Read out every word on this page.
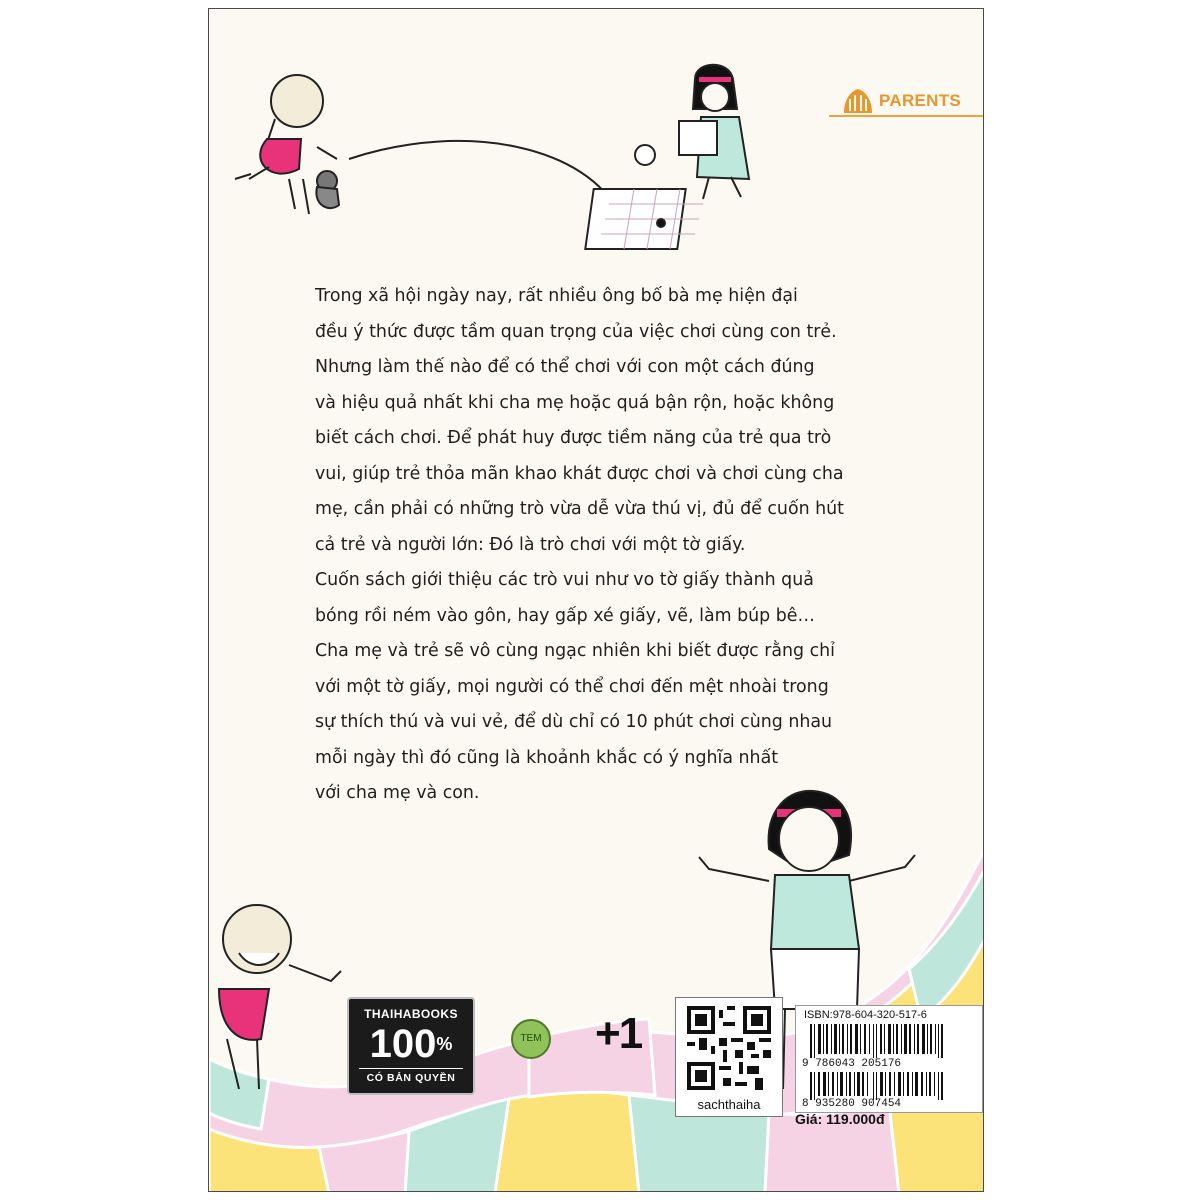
PARENTS
Trong xã hội ngày nay, rất nhiều ông bố bà mẹ hiện đại
đều ý thức được tầm quan trọng của việc chơi cùng con trẻ.
Nhưng làm thế nào để có thể chơi với con một cách đúng
và hiệu quả nhất khi cha mẹ hoặc quá bận rộn, hoặc không
biết cách chơi. Để phát huy được tiềm năng của trẻ qua trò
vui, giúp trẻ thỏa mãn khao khát được chơi và chơi cùng cha
mẹ, cần phải có những trò vừa dễ vừa thú vị, đủ để cuốn hút
cả trẻ và người lớn: Đó là trò chơi với một tờ giấy.
Cuốn sách giới thiệu các trò vui như vo tờ giấy thành quả
bóng rồi ném vào gôn, hay gấp xé giấy, vẽ, làm búp bê…
Cha mẹ và trẻ sẽ vô cùng ngạc nhiên khi biết được rằng chỉ
với một tờ giấy, mọi người có thể chơi đến mệt nhoài trong
sự thích thú và vui vẻ, để dù chỉ có 10 phút chơi cùng nhau
mỗi ngày thì đó cũng là khoảnh khắc có ý nghĩa nhất
với cha mẹ và con.
THAIHABOOKS
100%
CÓ BẢN QUYỀN
TEM +1
sachthaiha
ISBN:978-604-320-517-6
9 786043 205176
8 935280 907454
Giá: 119.000đ
